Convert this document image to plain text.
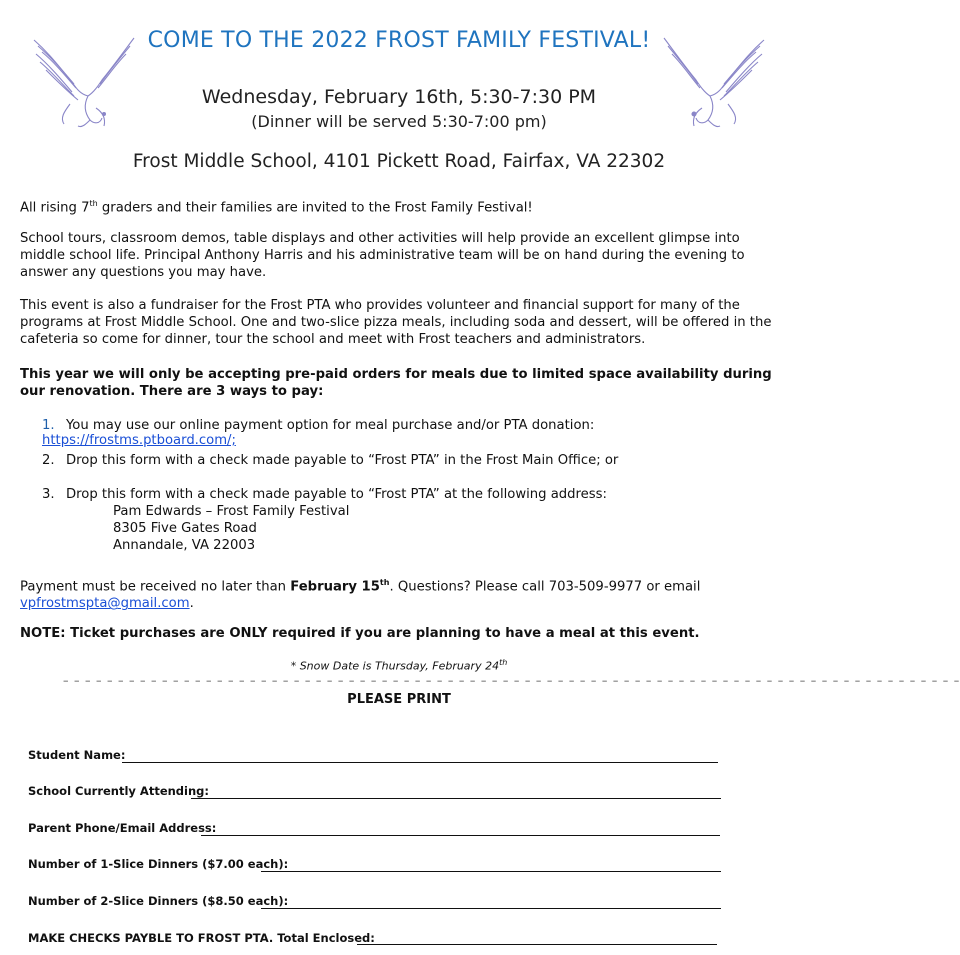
COME TO THE 2022 FROST FAMILY FESTIVAL!
Wednesday, February 16th, 5:30-7:30 PM
(Dinner will be served 5:30-7:00 pm)
Frost Middle School, 4101 Pickett Road, Fairfax, VA 22302
All rising 7th graders and their families are invited to the Frost Family Festival!
School tours, classroom demos, table displays and other activities will help provide an excellent glimpse into middle school life. Principal Anthony Harris and his administrative team will be on hand during the evening to answer any questions you may have.
This event is also a fundraiser for the Frost PTA who provides volunteer and financial support for many of the programs at Frost Middle School. One and two-slice pizza meals, including soda and dessert, will be offered in the cafeteria so come for dinner, tour the school and meet with Frost teachers and administrators.
This year we will only be accepting pre-paid orders for meals due to limited space availability during our renovation. There are 3 ways to pay:
1. You may use our online payment option for meal purchase and/or PTA donation: https://frostms.ptboard.com/;
2. Drop this form with a check made payable to “Frost PTA” in the Frost Main Office; or
3. Drop this form with a check made payable to “Frost PTA” at the following address:
Pam Edwards – Frost Family Festival
8305 Five Gates Road
Annandale, VA 22003
Payment must be received no later than February 15th. Questions? Please call 703-509-9977 or email
vpfrostmspta@gmail.com.
NOTE: Ticket purchases are ONLY required if you are planning to have a meal at this event.
* Snow Date is Thursday, February 24th
– – – – – – – – – – – – – – – – – – – – – – – – – – – – – – – – – – – – – – – – – – – – – – – – – – – – – – – – – – – – – – – – – – – – – – – – – – – – – – – – – –
PLEASE PRINT
Student Name:
School Currently Attending:
Parent Phone/Email Address:
Number of 1-Slice Dinners ($7.00 each):
Number of 2-Slice Dinners ($8.50 each):
MAKE CHECKS PAYBLE TO FROST PTA. Total Enclosed:
